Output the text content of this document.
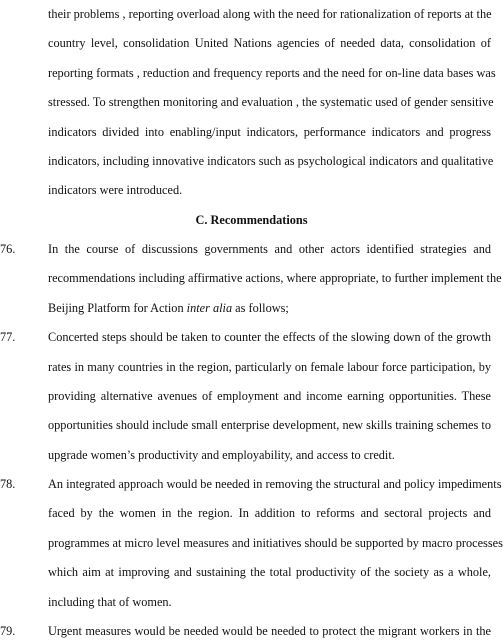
their problems , reporting overload along with the need for rationalization of reports at the
country level, consolidation United Nations agencies of needed data, consolidation of
reporting formats , reduction and frequency reports and the need for on-line data bases was
stressed. To strengthen monitoring and evaluation , the systematic used of gender sensitive
indicators divided into enabling/input indicators, performance indicators and progress
indicators, including innovative indicators such as psychological indicators and qualitative
indicators were introduced.
C. Recommendations
76.	In the course of discussions governments and other actors identified strategies and
recommendations including affirmative actions, where appropriate, to further implement the
Beijing Platform for Action inter alia as follows;
77.	Concerted steps should be taken to counter the effects of the slowing down of the growth
rates in many countries in the region, particularly on female labour force participation, by
providing alternative avenues of employment and income earning opportunities. These
opportunities should include small enterprise development, new skills training schemes to
upgrade women’s productivity and employability, and access to credit.
78.	An integrated approach would be needed in removing the structural and policy impediments
faced by the women in the region. In addition to reforms and sectoral projects and
programmes at micro level measures and initiatives should be supported by macro processes
which aim at improving and sustaining the total productivity of the society as a whole,
including that of women.
79.	Urgent measures would be needed would be needed to protect the migrant workers in the
